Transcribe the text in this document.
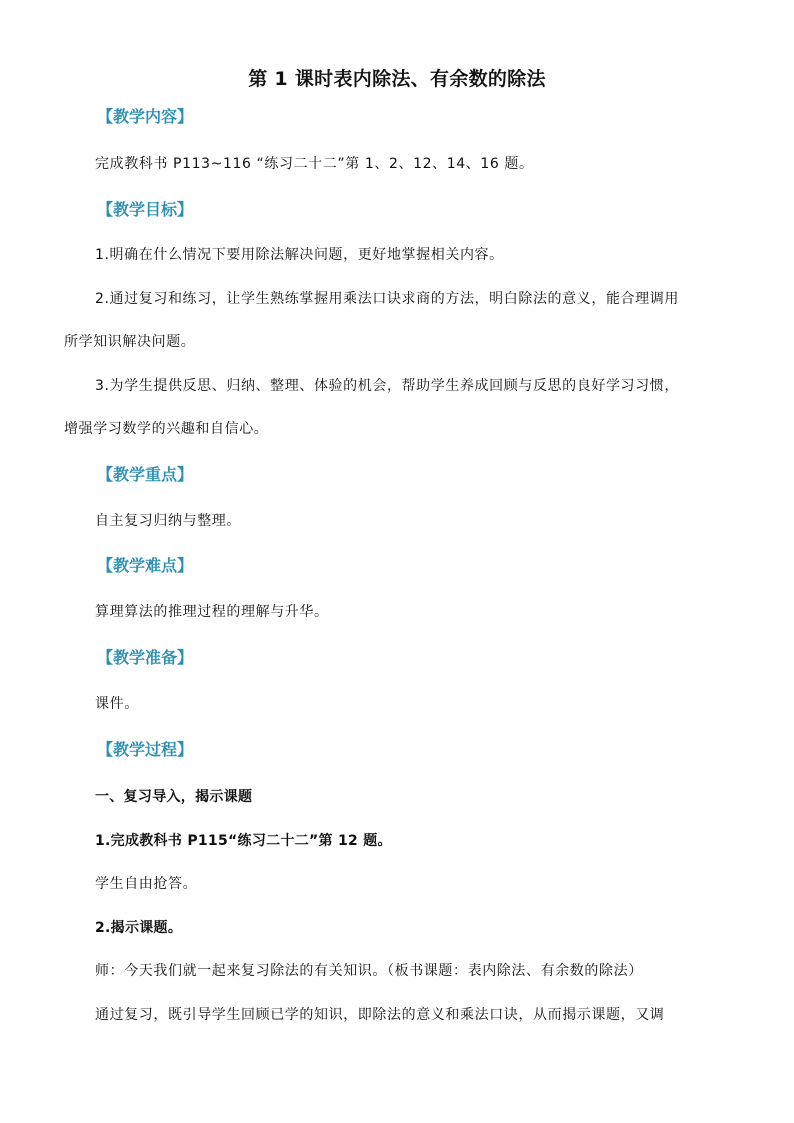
第 1 课时表内除法、有余数的除法
【教学内容】
完成教科书 P113~116 “练习二十二”第 1、2、12、14、16 题。
【教学目标】
1.明确在什么情况下要用除法解决问题，更好地掌握相关内容。
2.通过复习和练习，让学生熟练掌握用乘法口诀求商的方法，明白除法的意义，能合理调用
所学知识解决问题。
3.为学生提供反思、归纳、整理、体验的机会，帮助学生养成回顾与反思的良好学习习惯，
增强学习数学的兴趣和自信心。
【教学重点】
自主复习归纳与整理。
【教学难点】
算理算法的推理过程的理解与升华。
【教学准备】
课件。
【教学过程】
一、复习导入，揭示课题
1.完成教科书 P115“练习二十二”第 12 题。
学生自由抢答。
2.揭示课题。
师：今天我们就一起来复习除法的有关知识。（板书课题：表内除法、有余数的除法）
通过复习，既引导学生回顾已学的知识，即除法的意义和乘法口诀，从而揭示课题，又调
